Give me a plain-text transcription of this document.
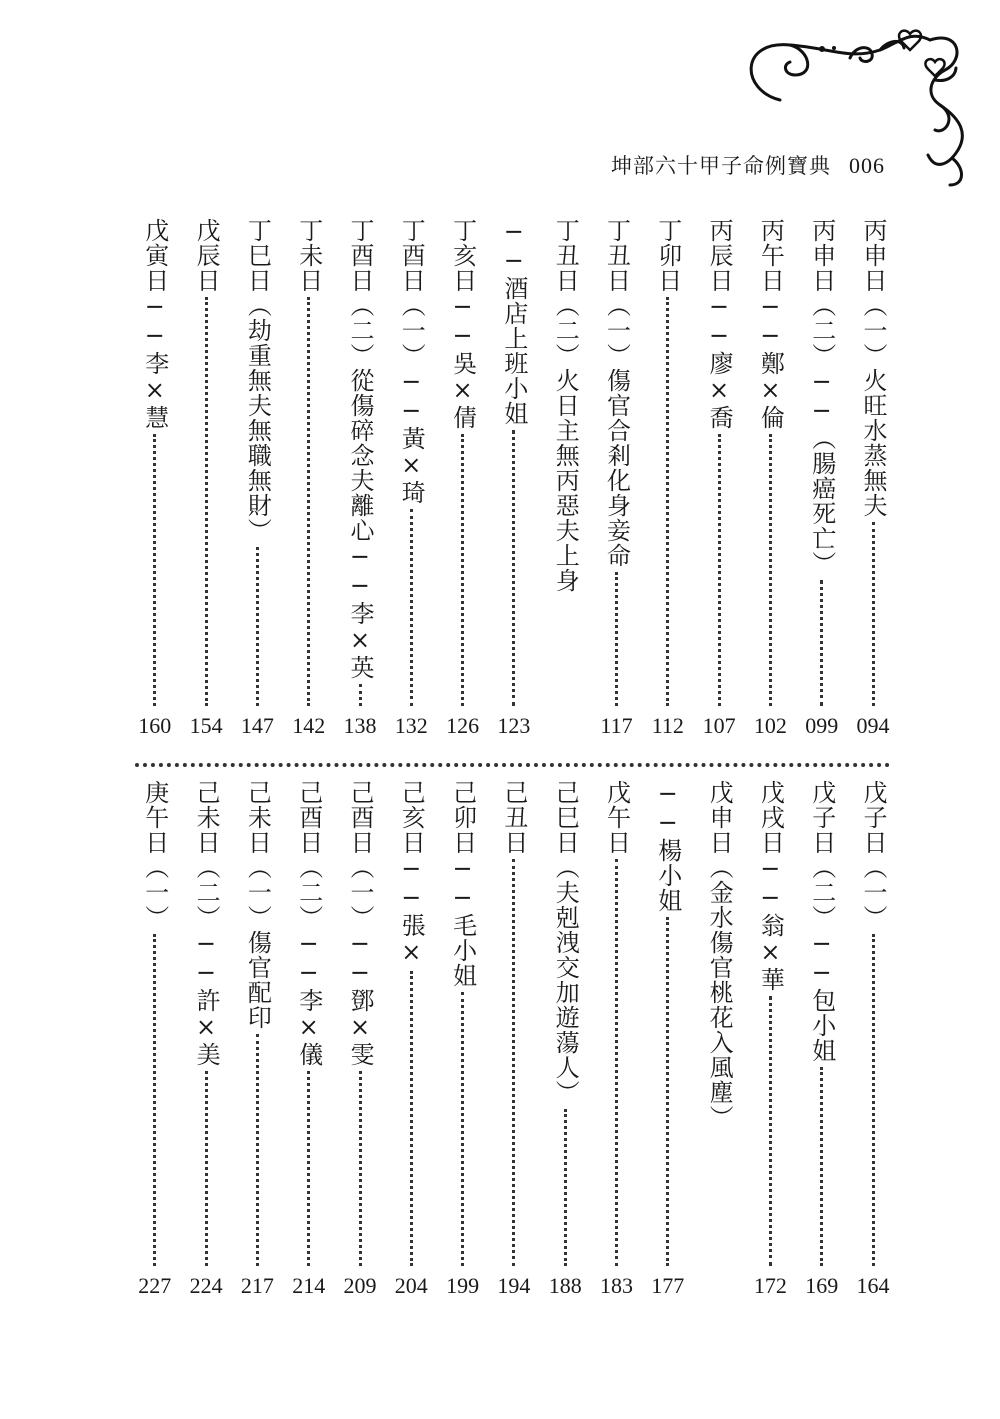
坤部六十甲子命例寶典 006
丙申日（一）火旺水蒸無夫
094
丙申日（二）──（腸癌死亡）
099
丙午日──鄭×倫
102
丙辰日──廖×喬
107
丁卯日
112
丁丑日（一）傷官合剎化身妾命
117
丁丑日（二）火日主無丙惡夫上身
──酒店上班小姐
123
丁亥日──吳×倩
126
丁酉日（一）──黃×琦
132
丁酉日（二）從傷碎念夫離心──李×英
138
丁未日
142
丁巳日（劫重無夫無職無財）
147
戊辰日
154
戊寅日──李×慧
160
戊子日（一）
164
戊子日（二）──包小姐
169
戊戌日──翁×華
172
戊申日（金水傷官桃花入風塵）
──楊小姐
177
戊午日
183
己巳日（夫剋洩交加遊蕩人）
188
己丑日
194
己卯日──毛小姐
199
己亥日──張×
204
己酉日（一）──鄧×雯
209
己酉日（二）──李×儀
214
己未日（一）傷官配印
217
己未日（二）──許×美
224
庚午日（一）
227
